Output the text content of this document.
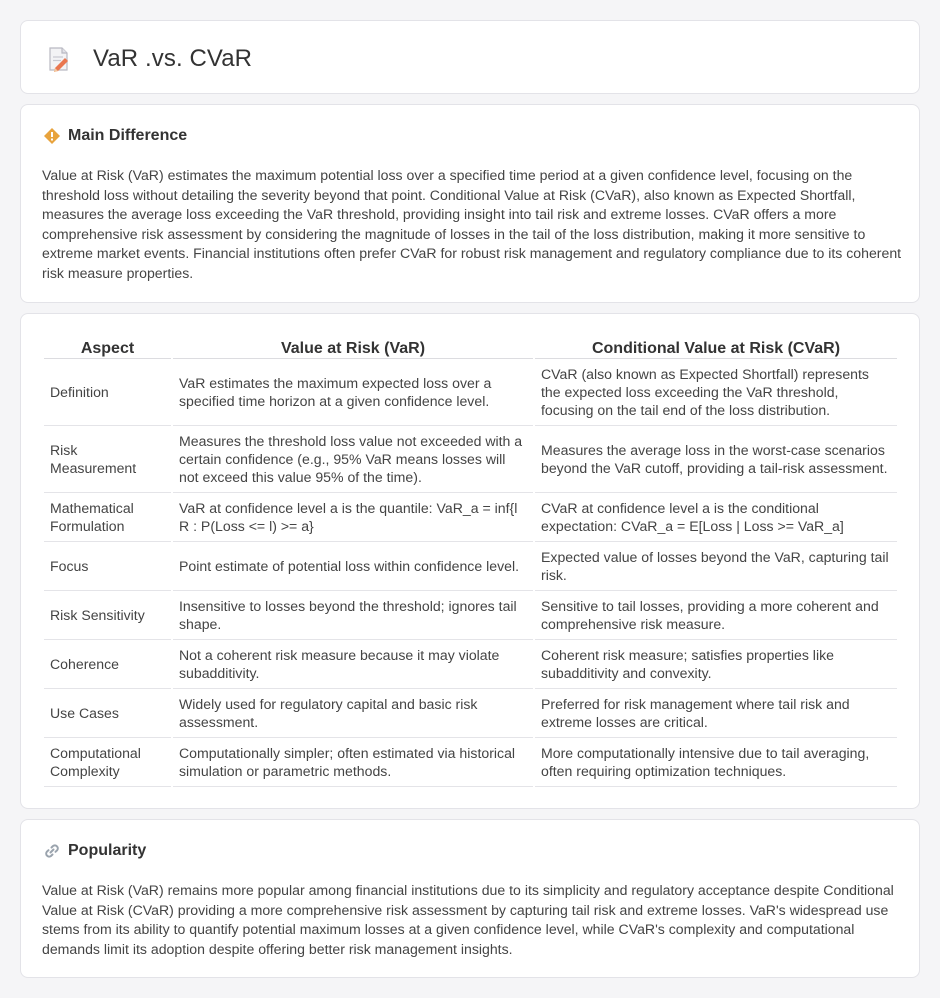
VaR .vs. CVaR
Main Difference

Value at Risk (VaR) estimates the maximum potential loss over a specified time period at a given confidence level, focusing on the threshold loss without detailing the severity beyond that point. Conditional Value at Risk (CVaR), also known as Expected Shortfall, measures the average loss exceeding the VaR threshold, providing insight into tail risk and extreme losses. CVaR offers a more comprehensive risk assessment by considering the magnitude of losses in the tail of the loss distribution, making it more sensitive to extreme market events. Financial institutions often prefer CVaR for robust risk management and regulatory compliance due to its coherent risk measure properties.

Aspect	Value at Risk (VaR)	Conditional Value at Risk (CVaR)
Definition	VaR estimates the maximum expected loss over a specified time horizon at a given confidence level.	CVaR (also known as Expected Shortfall) represents the expected loss exceeding the VaR threshold, focusing on the tail end of the loss distribution.
Risk Measurement	Measures the threshold loss value not exceeded with a certain confidence (e.g., 95% VaR means losses will not exceed this value 95% of the time).	Measures the average loss in the worst-case scenarios beyond the VaR cutoff, providing a tail-risk assessment.
Mathematical Formulation	VaR at confidence level a is the quantile: VaR_a = inf{l R : P(Loss <= l) >= a}	CVaR at confidence level a is the conditional expectation: CVaR_a = E[Loss | Loss >= VaR_a]
Focus	Point estimate of potential loss within confidence level.	Expected value of losses beyond the VaR, capturing tail risk.
Risk Sensitivity	Insensitive to losses beyond the threshold; ignores tail shape.	Sensitive to tail losses, providing a more coherent and comprehensive risk measure.
Coherence	Not a coherent risk measure because it may violate subadditivity.	Coherent risk measure; satisfies properties like subadditivity and convexity.
Use Cases	Widely used for regulatory capital and basic risk assessment.	Preferred for risk management where tail risk and extreme losses are critical.
Computational Complexity	Computationally simpler; often estimated via historical simulation or parametric methods.	More computationally intensive due to tail averaging, often requiring optimization techniques.
Popularity

Value at Risk (VaR) remains more popular among financial institutions due to its simplicity and regulatory acceptance despite Conditional Value at Risk (CVaR) providing a more comprehensive risk assessment by capturing tail risk and extreme losses. VaR's widespread use stems from its ability to quantify potential maximum losses at a given confidence level, while CVaR's complexity and computational demands limit its adoption despite offering better risk management insights.
